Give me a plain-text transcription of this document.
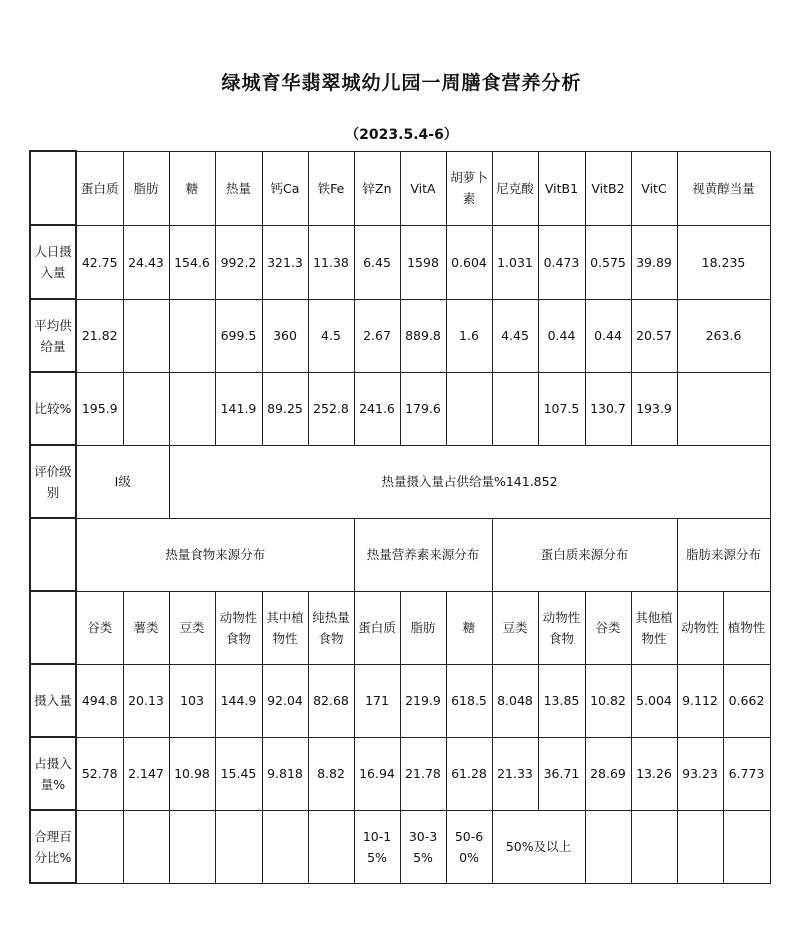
绿城育华翡翠城幼儿园一周膳食营养分析
（2023.5.4-6）
	蛋白质	脂肪	糖	热量	钙Ca	铁Fe	锌Zn	VitA	胡萝卜素	尼克酸	VitB1	VitB2	VitC	视黄醇当量	
人日摄入量	42.75	24.43	154.6	992.2	321.3	11.38	6.45	1598	0.604	1.031	0.473	0.575	39.89	18.235	
平均供给量	21.82			699.5	360	4.5	2.67	889.8	1.6	4.45	0.44	0.44	20.57	263.6	
比较%	195.9			141.9	89.25	252.8	241.6	179.6			107.5	130.7	193.9		
评价级别	I级		热量摄入量占供给量%141.852												
	热量食物来源分布						热量营养素来源分布			蛋白质来源分布				脂肪来源分布	
	谷类	薯类	豆类	动物性食物	其中植物性	纯热量食物	蛋白质	脂肪	糖	豆类	动物性食物	谷类	其他植物性	动物性	植物性
摄入量	494.8	20.13	103	144.9	92.04	82.68	171	219.9	618.5	8.048	13.85	10.82	5.004	9.112	0.662
占摄入量%	52.78	2.147	10.98	15.45	9.818	8.82	16.94	21.78	61.28	21.33	36.71	28.69	13.26	93.23	6.773
合理百分比%							10-15%	30-35%	50-60%	50%及以上					
